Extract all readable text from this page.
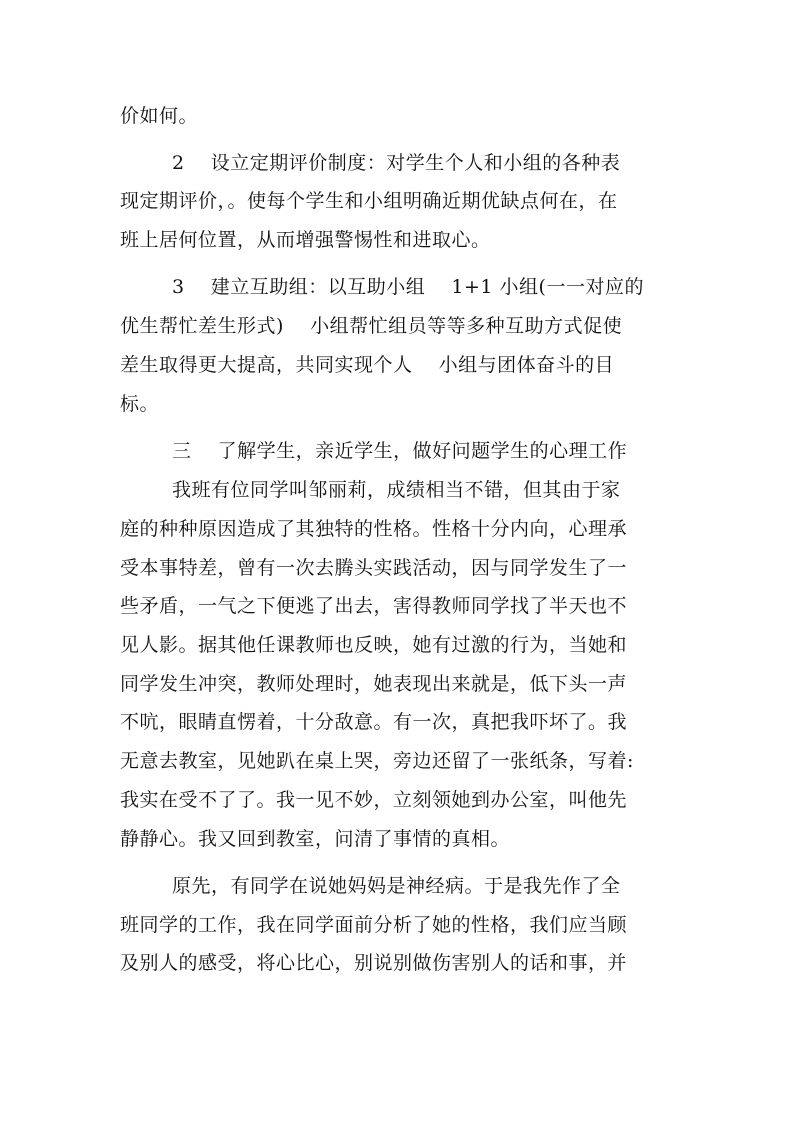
价如何。
2    设立定期评价制度：对学生个人和小组的各种表
现定期评价，。使每个学生和小组明确近期优缺点何在，在
班上居何位置，从而增强警惕性和进取心。
3    建立互助组：以互助小组    1+1 小组(一一对应的
优生帮忙差生形式)    小组帮忙组员等等多种互助方式促使
差生取得更大提高，共同实现个人    小组与团体奋斗的目
标。
三    了解学生，亲近学生，做好问题学生的心理工作
我班有位同学叫邹丽莉，成绩相当不错，但其由于家
庭的种种原因造成了其独特的性格。性格十分内向，心理承
受本事特差，曾有一次去腾头实践活动，因与同学发生了一
些矛盾，一气之下便逃了出去，害得教师同学找了半天也不
见人影。据其他任课教师也反映，她有过激的行为，当她和
同学发生冲突，教师处理时，她表现出来就是，低下头一声
不吭，眼睛直愣着，十分敌意。有一次，真把我吓坏了。我
无意去教室，见她趴在桌上哭，旁边还留了一张纸条，写着:
我实在受不了了。我一见不妙，立刻领她到办公室，叫他先
静静心。我又回到教室，问清了事情的真相。
原先，有同学在说她妈妈是神经病。于是我先作了全
班同学的工作，我在同学面前分析了她的性格，我们应当顾
及别人的感受，将心比心，别说别做伤害别人的话和事，并
